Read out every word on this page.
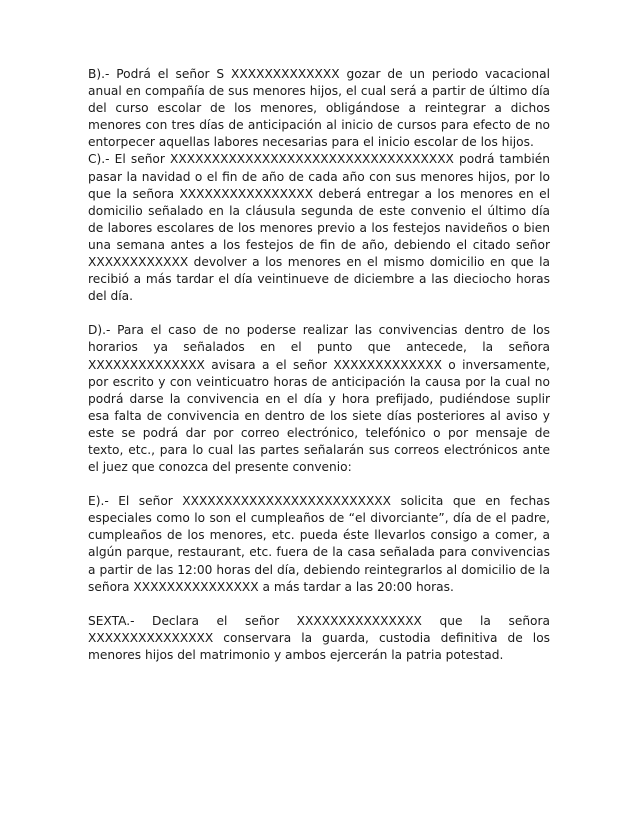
B).- Podrá el señor S XXXXXXXXXXXXX gozar de un periodo vacacional anual en compañía de sus menores hijos, el cual será a partir de último día del curso escolar de los menores, obligándose a reintegrar a dichos menores con tres días de anticipación al inicio de cursos para efecto de no entorpecer aquellas labores necesarias para el inicio escolar de los hijos.

C).- El señor XXXXXXXXXXXXXXXXXXXXXXXXXXXXXXXXXX podrá también pasar la navidad o el fin de año de cada año con sus menores hijos, por lo que la señora XXXXXXXXXXXXXXXX deberá entregar a los menores en el domicilio señalado en la cláusula segunda de este convenio el último día de labores escolares de los menores previo a los festejos navideños o bien una semana antes a los festejos de fin de año, debiendo el citado señor XXXXXXXXXXXX devolver a los menores en el mismo domicilio en que la recibió a más tardar el día veintinueve de diciembre a las dieciocho horas del día.

D).- Para el caso de no poderse realizar las convivencias dentro de los horarios ya señalados en el punto que antecede, la señora XXXXXXXXXXXXXX avisara a el señor XXXXXXXXXXXXX o inversamente, por escrito y con veinticuatro horas de anticipación la causa por la cual no podrá darse la convivencia en el día y hora prefijado, pudiéndose suplir esa falta de convivencia en dentro de los siete días posteriores al aviso y este se podrá dar por correo electrónico, telefónico o por mensaje de texto, etc., para lo cual las partes señalarán sus correos electrónicos ante el juez que conozca del presente convenio:

E).- El señor XXXXXXXXXXXXXXXXXXXXXXXXX solicita que en fechas especiales como lo son el cumpleaños de “el divorciante”, día de el padre, cumpleaños de los menores, etc. pueda éste llevarlos consigo a comer, a algún parque, restaurant, etc. fuera de la casa señalada para convivencias a partir de las 12:00 horas del día, debiendo reintegrarlos al domicilio de la señora XXXXXXXXXXXXXXX a más tardar a las 20:00 horas.

SEXTA.- Declara el señor XXXXXXXXXXXXXXX que la señora XXXXXXXXXXXXXXX conservara la guarda, custodia definitiva de los menores hijos del matrimonio y ambos ejercerán la patria potestad.
